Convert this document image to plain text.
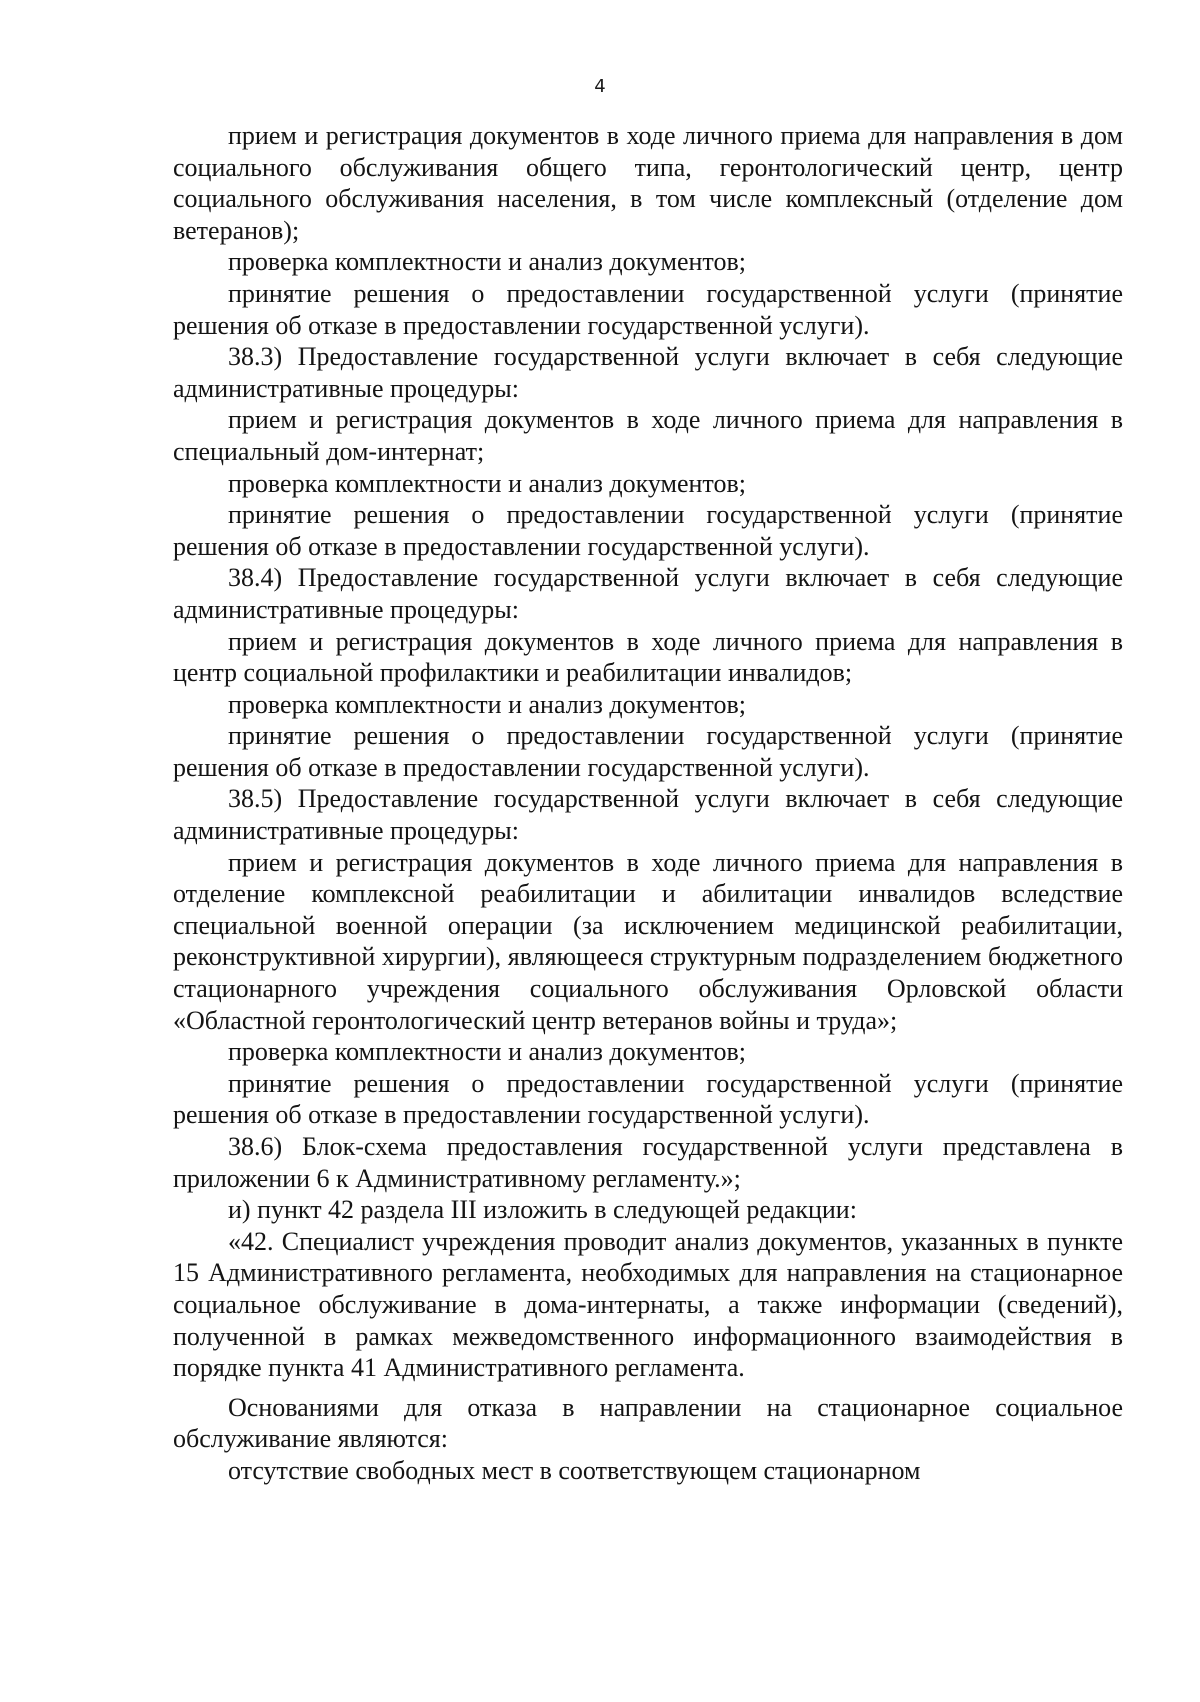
4

прием и регистрация документов в ходе личного приема для направления в дом социального обслуживания общего типа, геронтологический центр, центр социального обслуживания населения, в том числе комплексный (отделение дом ветеранов);

проверка комплектности и анализ документов;

принятие решения о предоставлении государственной услуги (принятие решения об отказе в предоставлении государственной услуги).

38.3) Предоставление государственной услуги включает в себя следующие административные процедуры:

прием и регистрация документов в ходе личного приема для направления в специальный дом-интернат;

проверка комплектности и анализ документов;

принятие решения о предоставлении государственной услуги (принятие решения об отказе в предоставлении государственной услуги).

38.4) Предоставление государственной услуги включает в себя следующие административные процедуры:

прием и регистрация документов в ходе личного приема для направления в центр социальной профилактики и реабилитации инвалидов;

проверка комплектности и анализ документов;

принятие решения о предоставлении государственной услуги (принятие решения об отказе в предоставлении государственной услуги).

38.5) Предоставление государственной услуги включает в себя следующие административные процедуры:

прием и регистрация документов в ходе личного приема для направления в отделение комплексной реабилитации и абилитации инвалидов вследствие специальной военной операции (за исключением медицинской реабилитации, реконструктивной хирургии), являющееся структурным подразделением бюджетного стационарного учреждения социального обслуживания Орловской области «Областной геронтологический центр ветеранов войны и труда»;

проверка комплектности и анализ документов;

принятие решения о предоставлении государственной услуги (принятие решения об отказе в предоставлении государственной услуги).

38.6) Блок-схема предоставления государственной услуги представлена в приложении 6 к Административному регламенту.»;

и) пункт 42 раздела III изложить в следующей редакции:

«42. Специалист учреждения проводит анализ документов, указанных в пункте 15 Административного регламента, необходимых для направления на стационарное социальное обслуживание в дома-интернаты, а также информации (сведений), полученной в рамках межведомственного информационного взаимодействия в порядке пункта 41 Административного регламента.

Основаниями для отказа в направлении на стационарное социальное обслуживание являются:

отсутствие свободных мест в соответствующем стационарном
